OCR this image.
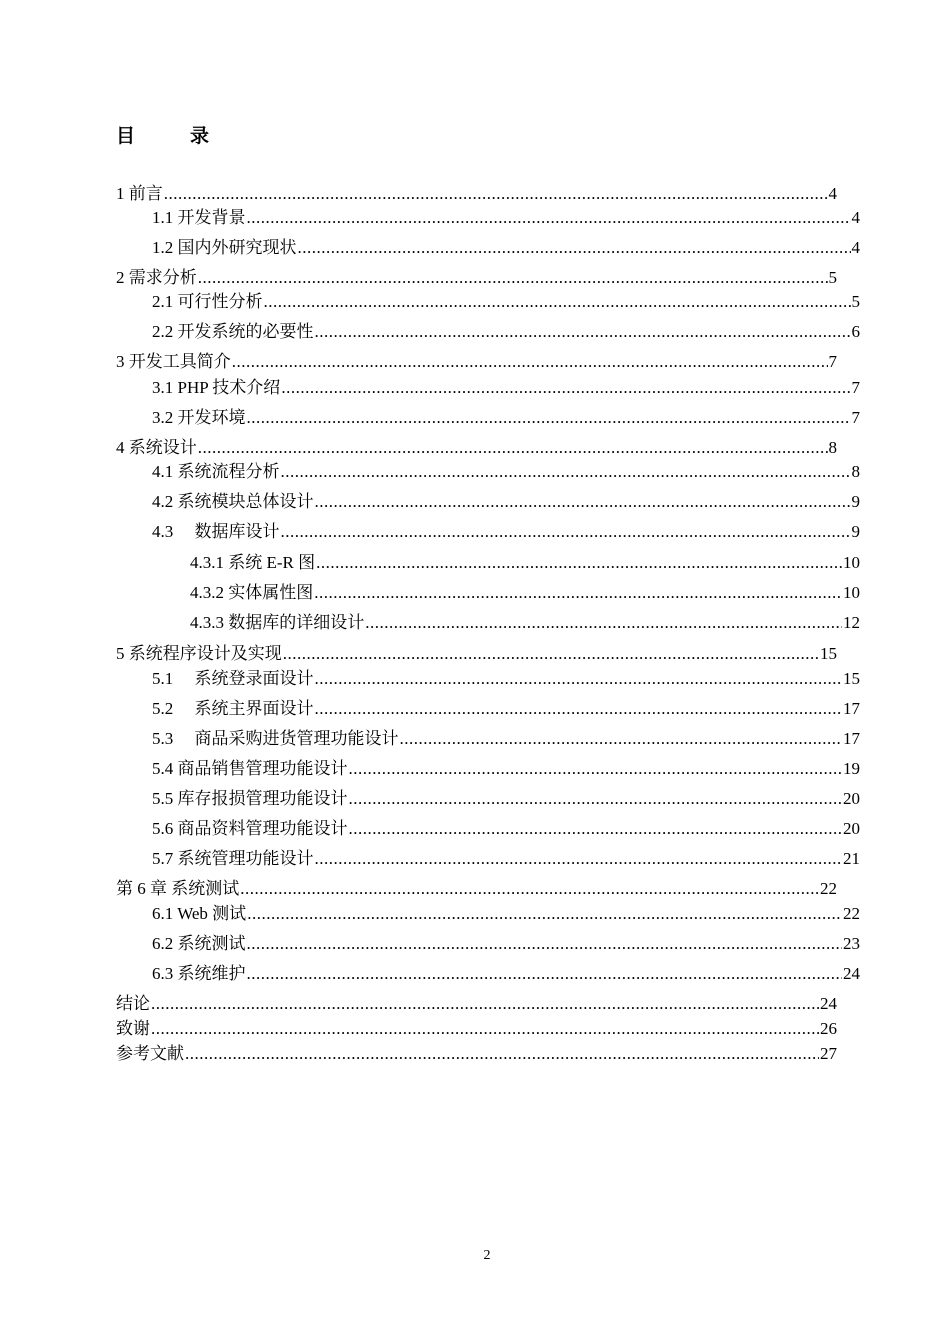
目　录
1 前言 .....	4
1.1 开发背景 .....	4
1.2 国内外研究现状 .....	4
2 需求分析 .....	5
2.1 可行性分析 .....	5
2.2 开发系统的必要性 .....	6
3 开发工具简介 .....	7
3.1 PHP 技术介绍 .....	7
3.2 开发环境 .....	7
4 系统设计 .....	8
4.1 系统流程分析 .....	8
4.2 系统模块总体设计 .....	9
4.3　 数据库设计 .....	9
4.3.1 系统 E-R 图 .....	10
4.3.2 实体属性图 .....	10
4.3.3 数据库的详细设计 .....	12
5 系统程序设计及实现 .....	15
5.1　 系统登录面设计 .....	15
5.2　 系统主界面设计 .....	17
5.3　 商品采购进货管理功能设计 .....	17
5.4 商品销售管理功能设计 .....	19
5.5 库存报损管理功能设计 .....	20
5.6 商品资料管理功能设计 .....	20
5.7 系统管理功能设计 .....	21
第 6 章 系统测试 .....	22
6.1 Web 测试 .....	22
6.2 系统测试 .....	23
6.3 系统维护 .....	24
结论 .....	24
致谢 .....	26
参考文献 .....	27
2
